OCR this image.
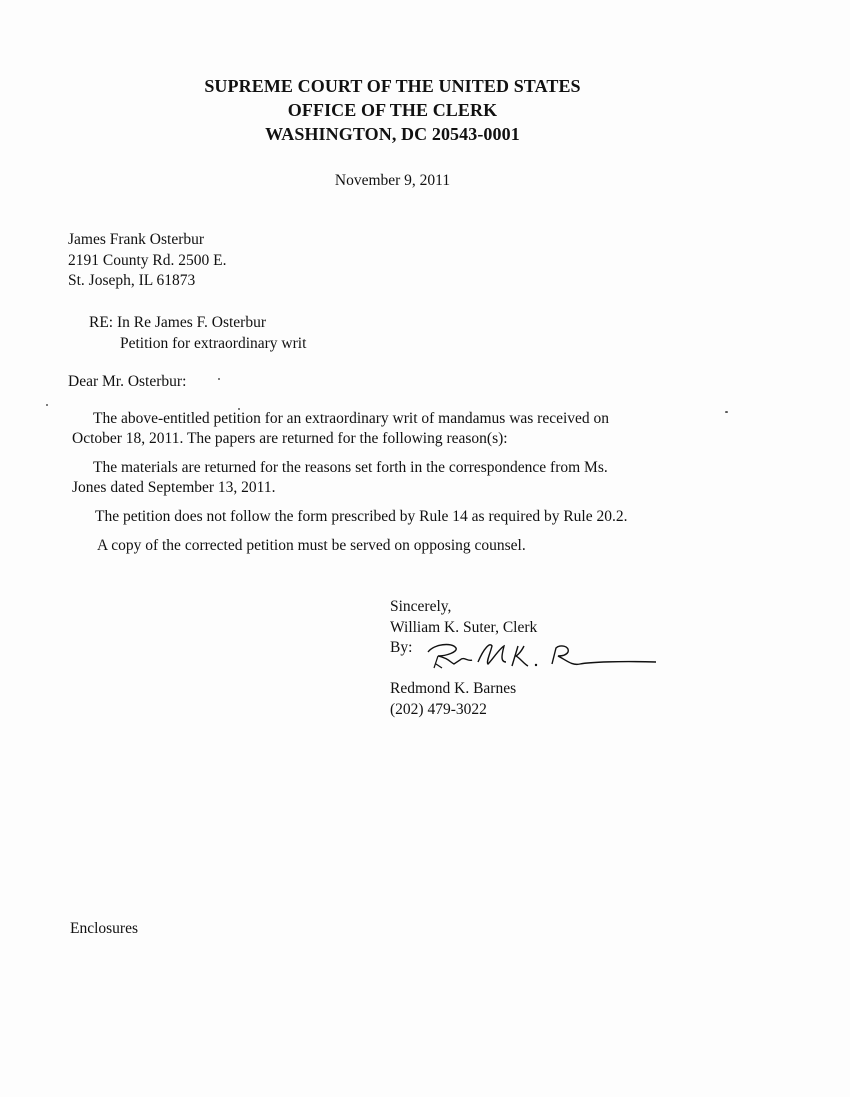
SUPREME COURT OF THE UNITED STATES
OFFICE OF THE CLERK
WASHINGTON, DC 20543-0001
November 9, 2011
James Frank Osterbur
2191 County Rd. 2500 E.
St. Joseph, IL 61873
RE: In Re James F. Osterbur
Petition for extraordinary writ
Dear Mr. Osterbur:
The above-entitled petition for an extraordinary writ of mandamus was received on
October 18, 2011. The papers are returned for the following reason(s):
The materials are returned for the reasons set forth in the correspondence from Ms.
Jones dated September 13, 2011.
The petition does not follow the form prescribed by Rule 14 as required by Rule 20.2.
A copy of the corrected petition must be served on opposing counsel.
Sincerely,
William K. Suter, Clerk
By:
Redmond K. Barnes
(202) 479-3022
Enclosures
